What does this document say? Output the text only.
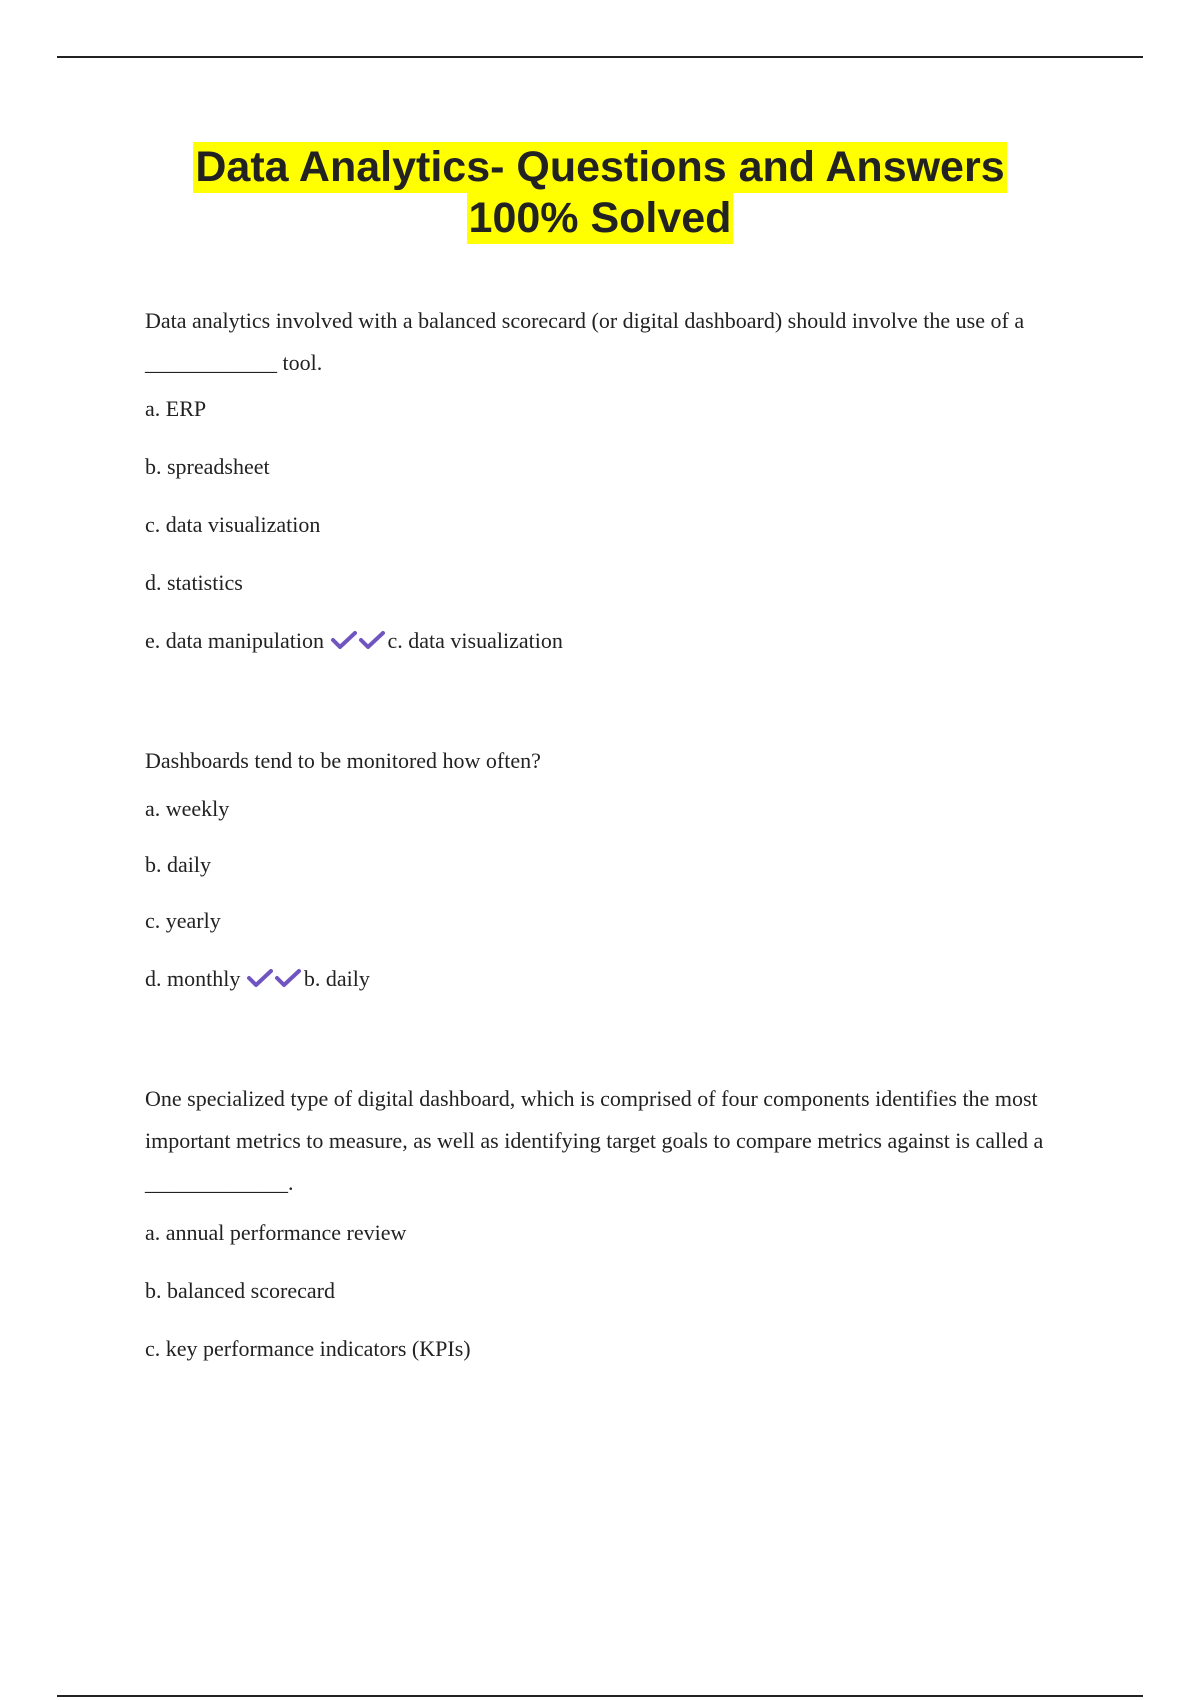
Data Analytics- Questions and Answers
100% Solved

Data analytics involved with a balanced scorecard (or digital dashboard) should involve the use of a ____________ tool.

a. ERP

b. spreadsheet

c. data visualization

d. statistics

e. data manipulation	c. data visualization

Dashboards tend to be monitored how often?

a. weekly

b. daily

c. yearly

d. monthly	b. daily

One specialized type of digital dashboard, which is comprised of four components identifies the most important metrics to measure, as well as identifying target goals to compare metrics against is called a _____________.

a. annual performance review

b. balanced scorecard

c. key performance indicators (KPIs)
